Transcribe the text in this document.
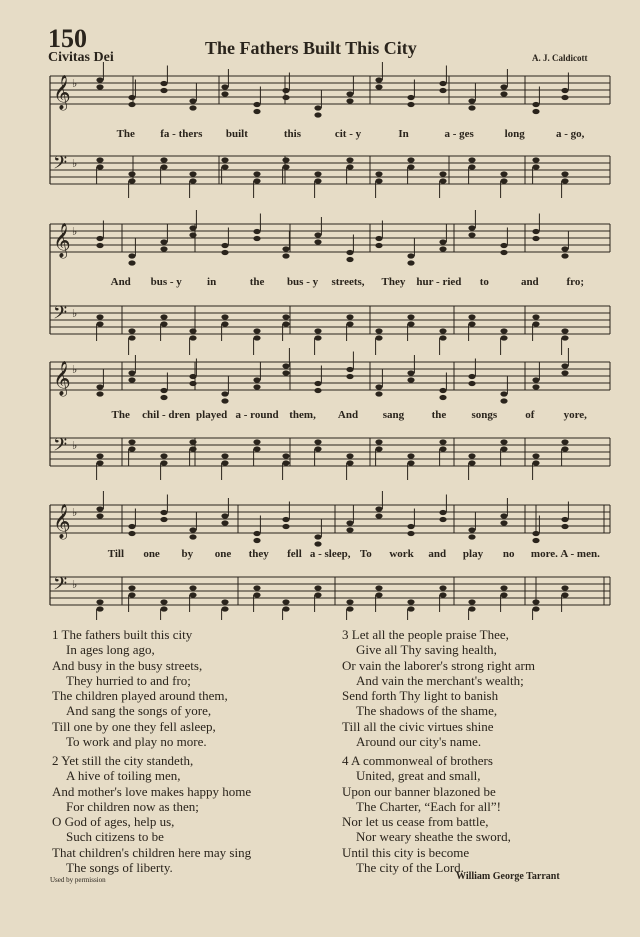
150
Civitas Dei	The Fathers Built This City	A. J. Caldicott
𝄞 ♭
𝄢 ♭
𝄞 ♭
𝄢 ♭
𝄞 ♭
𝄢 ♭
𝄞 ♭
𝄢 ♭
The fa - thers built	this	cit - y	In	a - ges	long	a - go,
And bus - y in	the bus - y streets, They hur - ried to	and	fro;
The chil - dren played a - round them, And sang the songs	of	yore,
Till one by one they fell a - sleep, To work and play no more. A - men.
1 The fathers built this city
In ages long ago,
And busy in the busy streets,
They hurried to and fro;
The children played around them,
And sang the songs of yore,
Till one by one they fell asleep,
To work and play no more.
2 Yet still the city standeth,
A hive of toiling men,
And mother's love makes happy home
For children now as then;
O God of ages, help us,
Such citizens to be
That children's children here may sing
The songs of liberty.
3 Let all the people praise Thee,
Give all Thy saving health,
Or vain the laborer's strong right arm
And vain the merchant's wealth;
Send forth Thy light to banish
The shadows of the shame,
Till all the civic virtues shine
Around our city's name.
4 A commonweal of brothers
United, great and small,
Upon our banner blazoned be
The Charter, “Each for all”!
Nor let us cease from battle,
Nor weary sheathe the sword,
Until this city is become
The city of the Lord.
William George Tarrant
Used by permission
